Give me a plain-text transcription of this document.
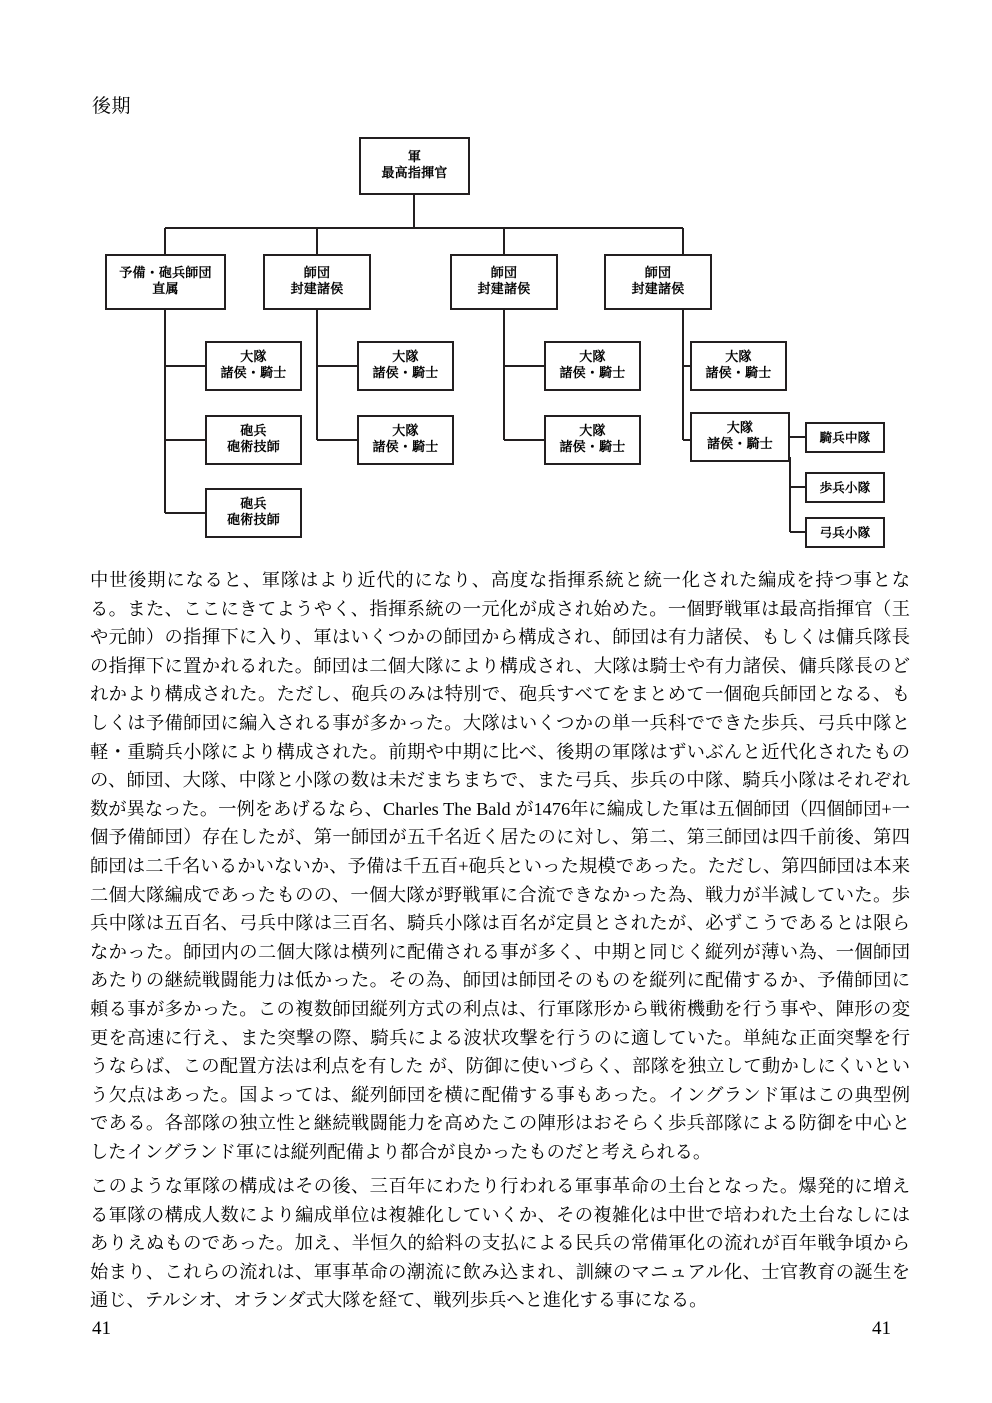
後期
軍
最高指揮官
予備・砲兵師団
直属
師団
封建諸侯
師団
封建諸侯
師団
封建諸侯
大隊
諸侯・騎士
砲兵
砲術技師
砲兵
砲術技師
大隊
諸侯・騎士
大隊
諸侯・騎士
大隊
諸侯・騎士
大隊
諸侯・騎士
大隊
諸侯・騎士
大隊
諸侯・騎士	騎兵中隊
歩兵小隊
弓兵小隊

中世後期になると、軍隊はより近代的になり、高度な指揮系統と統一化された編成を持つ事となる。また、ここにきてようやく、指揮系統の一元化が成され始めた。一個野戦軍は最高指揮官（王や元帥）の指揮下に入り、軍はいくつかの師団から構成され、師団は有力諸侯、もしくは傭兵隊長の指揮下に置かれるれた。師団は二個大隊により構成され、大隊は騎士や有力諸侯、傭兵隊長のどれかより構成された。ただし、砲兵のみは特別で、砲兵すべてをまとめて一個砲兵師団となる、もしくは予備師団に編入される事が多かった。大隊はいくつかの単一兵科でできた歩兵、弓兵中隊と軽・重騎兵小隊により構成された。前期や中期に比べ、後期の軍隊はずいぶんと近代化されたものの、師団、大隊、中隊と小隊の数は未だまちまちで、また弓兵、歩兵の中隊、騎兵小隊はそれぞれ数が異なった。一例をあげるなら、Charles The Bald が1476年に編成した軍は五個師団（四個師団+一個予備師団）存在したが、第一師団が五千名近く居たのに対し、第二、第三師団は四千前後、第四師団は二千名いるかいないか、予備は千五百+砲兵といった規模であった。ただし、第四師団は本来二個大隊編成であったものの、一個大隊が野戦軍に合流できなかった為、戦力が半減していた。歩兵中隊は五百名、弓兵中隊は三百名、騎兵小隊は百名が定員とされたが、必ずこうであるとは限らなかった。師団内の二個大隊は横列に配備される事が多く、中期と同じく縦列が薄い為、一個師団あたりの継続戦闘能力は低かった。その為、師団は師団そのものを縦列に配備するか、予備師団に頼る事が多かった。この複数師団縦列方式の利点は、行軍隊形から戦術機動を行う事や、陣形の変更を高速に行え、また突撃の際、騎兵による波状攻撃を行うのに適していた。単純な正面突撃を行うならば、この配置方法は利点を有した が、防御に使いづらく、部隊を独立して動かしにくいという欠点はあった。国よっては、縦列師団を横に配備する事もあった。イングランド軍はこの典型例である。各部隊の独立性と継続戦闘能力を高めたこの陣形はおそらく歩兵部隊による防御を中心としたイングランド軍には縦列配備より都合が良かったものだと考えられる。

このような軍隊の構成はその後、三百年にわたり行われる軍事革命の土台となった。爆発的に増える軍隊の構成人数により編成単位は複雑化していくか、その複雑化は中世で培われた土台なしにはありえぬものであった。加え、半恒久的給料の支払による民兵の常備軍化の流れが百年戦争頃から始まり、これらの流れは、軍事革命の潮流に飲み込まれ、訓練のマニュアル化、士官教育の誕生を通じ、テルシオ、オランダ式大隊を経て、戦列歩兵へと進化する事になる。

41	41
